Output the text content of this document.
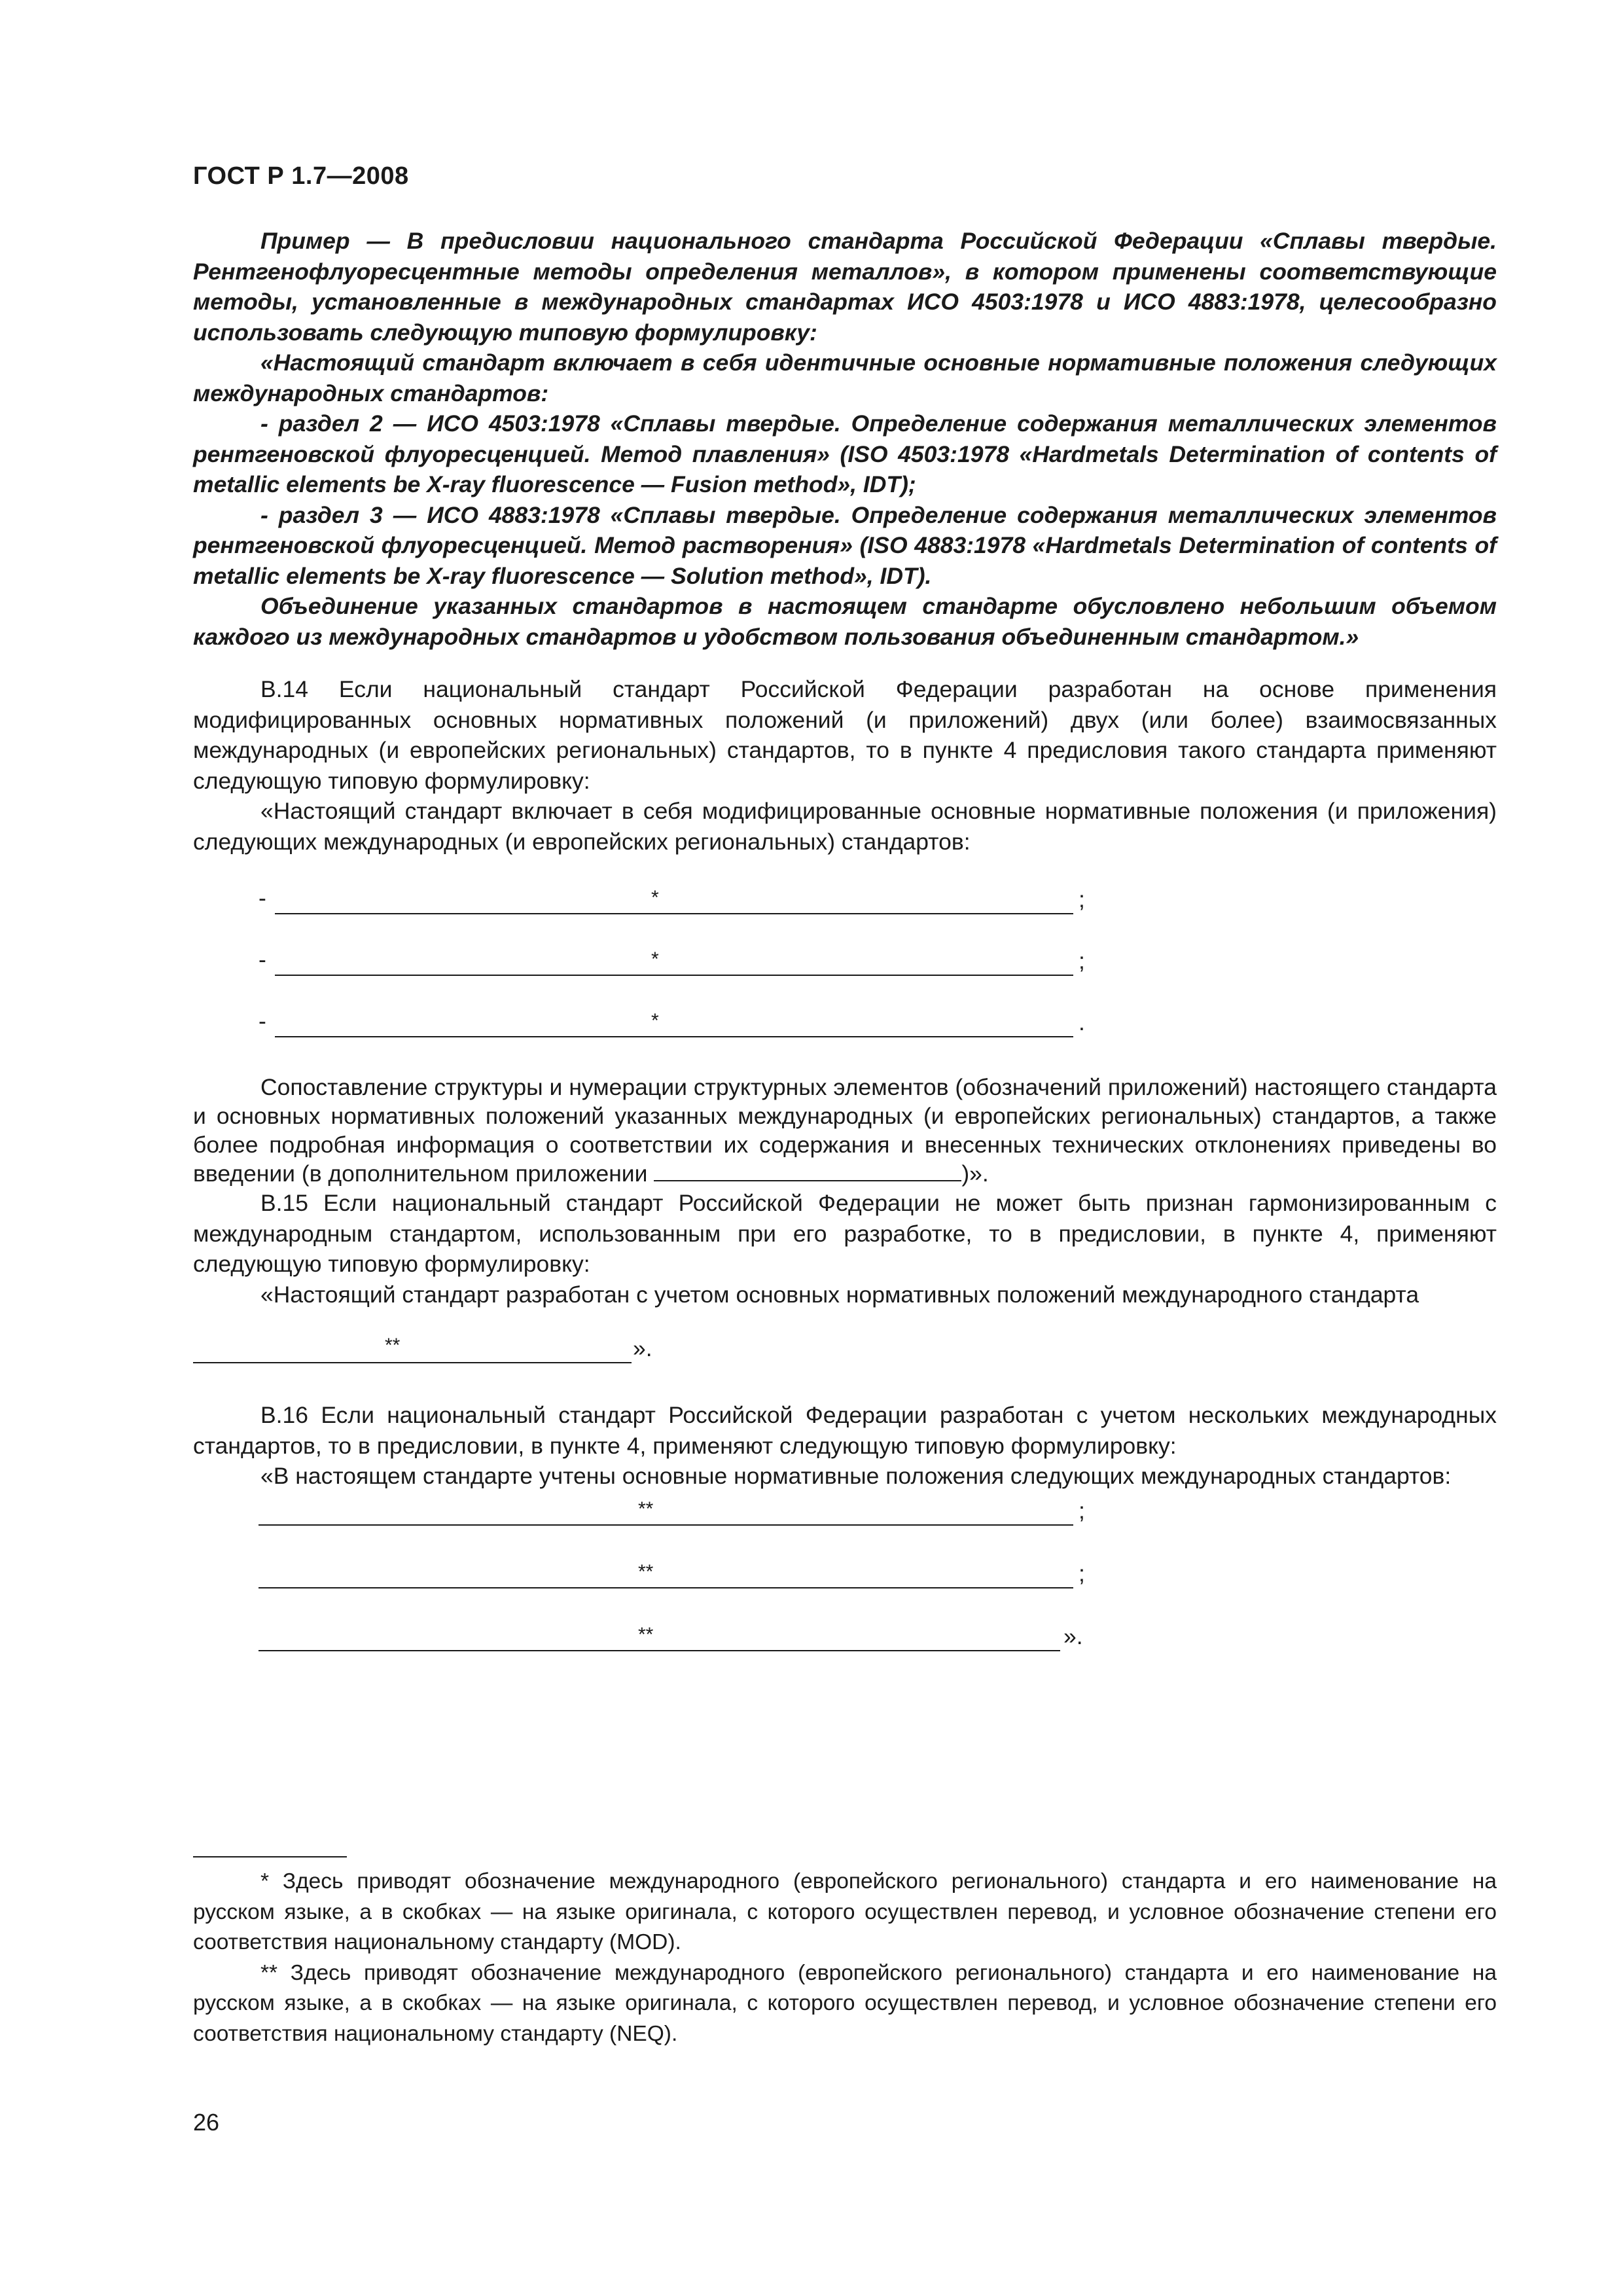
ГОСТ Р 1.7—2008

Пример — В предисловии национального стандарта Российской Федерации «Сплавы твердые. Рентгенофлуоресцентные методы определения металлов», в котором применены соответствующие методы, установленные в международных стандартах ИСО 4503:1978 и ИСО 4883:1978, целесообразно использовать следующую типовую формулировку:

«Настоящий стандарт включает в себя идентичные основные нормативные положения следующих международных стандартов:

- раздел 2 — ИСО 4503:1978 «Сплавы твердые. Определение содержания металлических элементов рентгеновской флуоресценцией. Метод плавления» (ISO 4503:1978 «Hardmetals Determination of contents of metallic elements be X-ray fluorescence — Fusion method», IDT);

- раздел 3 — ИСО 4883:1978 «Сплавы твердые. Определение содержания металлических элементов рентгеновской флуоресценцией. Метод растворения» (ISO 4883:1978 «Hardmetals Determination of contents of metallic elements be X-ray fluorescence — Solution method», IDT).

Объединение указанных стандартов в настоящем стандарте обусловлено небольшим объемом каждого из международных стандартов и удобством пользования объединенным стандартом.»

В.14 Если национальный стандарт Российской Федерации разработан на основе применения модифицированных основных нормативных положений (и приложений) двух (или более) взаимосвязанных международных (и европейских региональных) стандартов, то в пункте 4 предисловия такого стандарта применяют следующую типовую формулировку:

«Настоящий стандарт включает в себя модифицированные основные нормативные положения (и приложения) следующих международных (и европейских региональных) стандартов:

-	*	;
-	*	;
-	*	.

Сопоставление структуры и нумерации структурных элементов (обозначений приложений) настоящего стандарта и основных нормативных положений указанных международных (и европейских региональных) стандартов, а также более подробная информация о соответствии их содержания и внесенных технических отклонениях приведены во введении (в дополнительном приложении	)».

В.15 Если национальный стандарт Российской Федерации не может быть признан гармонизированным с международным стандартом, использованным при его разработке, то в предисловии, в пункте 4, применяют следующую типовую формулировку:

«Настоящий стандарт разработан с учетом основных нормативных положений международного стандарта

**	».

В.16 Если национальный стандарт Российской Федерации разработан с учетом нескольких международных стандартов, то в предисловии, в пункте 4, применяют следующую типовую формулировку:

«В настоящем стандарте учтены основные нормативные положения следующих международных стандартов:

**	;
**	;
**	».

* Здесь приводят обозначение международного (европейского регионального) стандарта и его наименование на русском языке, а в скобках — на языке оригинала, с которого осуществлен перевод, и условное обозначение степени его соответствия национальному стандарту (MOD).

** Здесь приводят обозначение международного (европейского регионального) стандарта и его наименование на русском языке, а в скобках — на языке оригинала, с которого осуществлен перевод, и условное обозначение степени его соответствия национальному стандарту (NEQ).

26
